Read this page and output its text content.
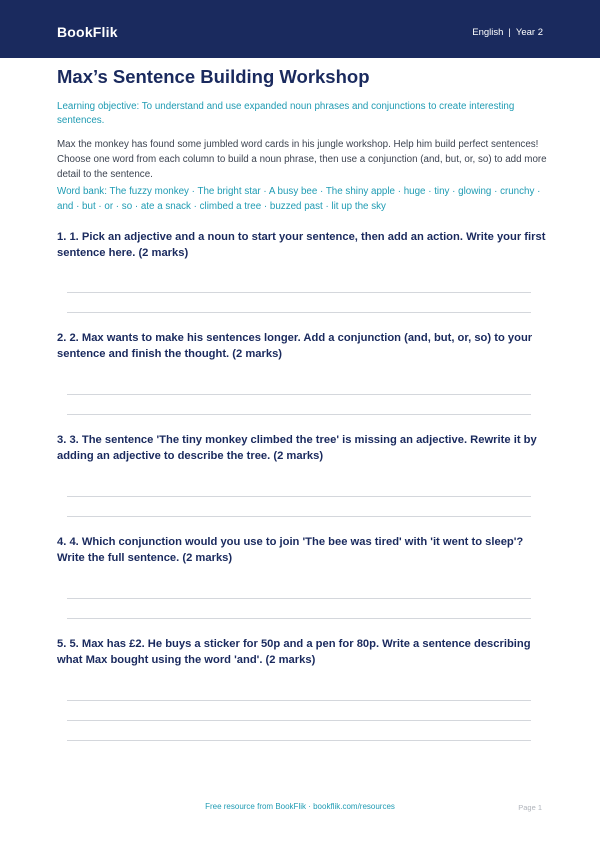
BookFlik	English | Year 2
Max’s Sentence Building Workshop
Learning objective: To understand and use expanded noun phrases and conjunctions to create interesting sentences.
Max the monkey has found some jumbled word cards in his jungle workshop. Help him build perfect sentences! Choose one word from each column to build a noun phrase, then use a conjunction (and, but, or, so) to add more detail to the sentence.
Word bank: The fuzzy monkey · The bright star · A busy bee · The shiny apple · huge · tiny · glowing · crunchy · and · but · or · so · ate a snack · climbed a tree · buzzed past · lit up the sky
1. 1. Pick an adjective and a noun to start your sentence, then add an action. Write your first sentence here. (2 marks)
2. 2. Max wants to make his sentences longer. Add a conjunction (and, but, or, so) to your sentence and finish the thought. (2 marks)
3. 3. The sentence 'The tiny monkey climbed the tree' is missing an adjective. Rewrite it by adding an adjective to describe the tree. (2 marks)
4. 4. Which conjunction would you use to join 'The bee was tired' with 'it went to sleep'? Write the full sentence. (2 marks)
5. 5. Max has £2. He buys a sticker for 50p and a pen for 80p. Write a sentence describing what Max bought using the word 'and'. (2 marks)
Free resource from BookFlik · bookflik.com/resources	Page 1
